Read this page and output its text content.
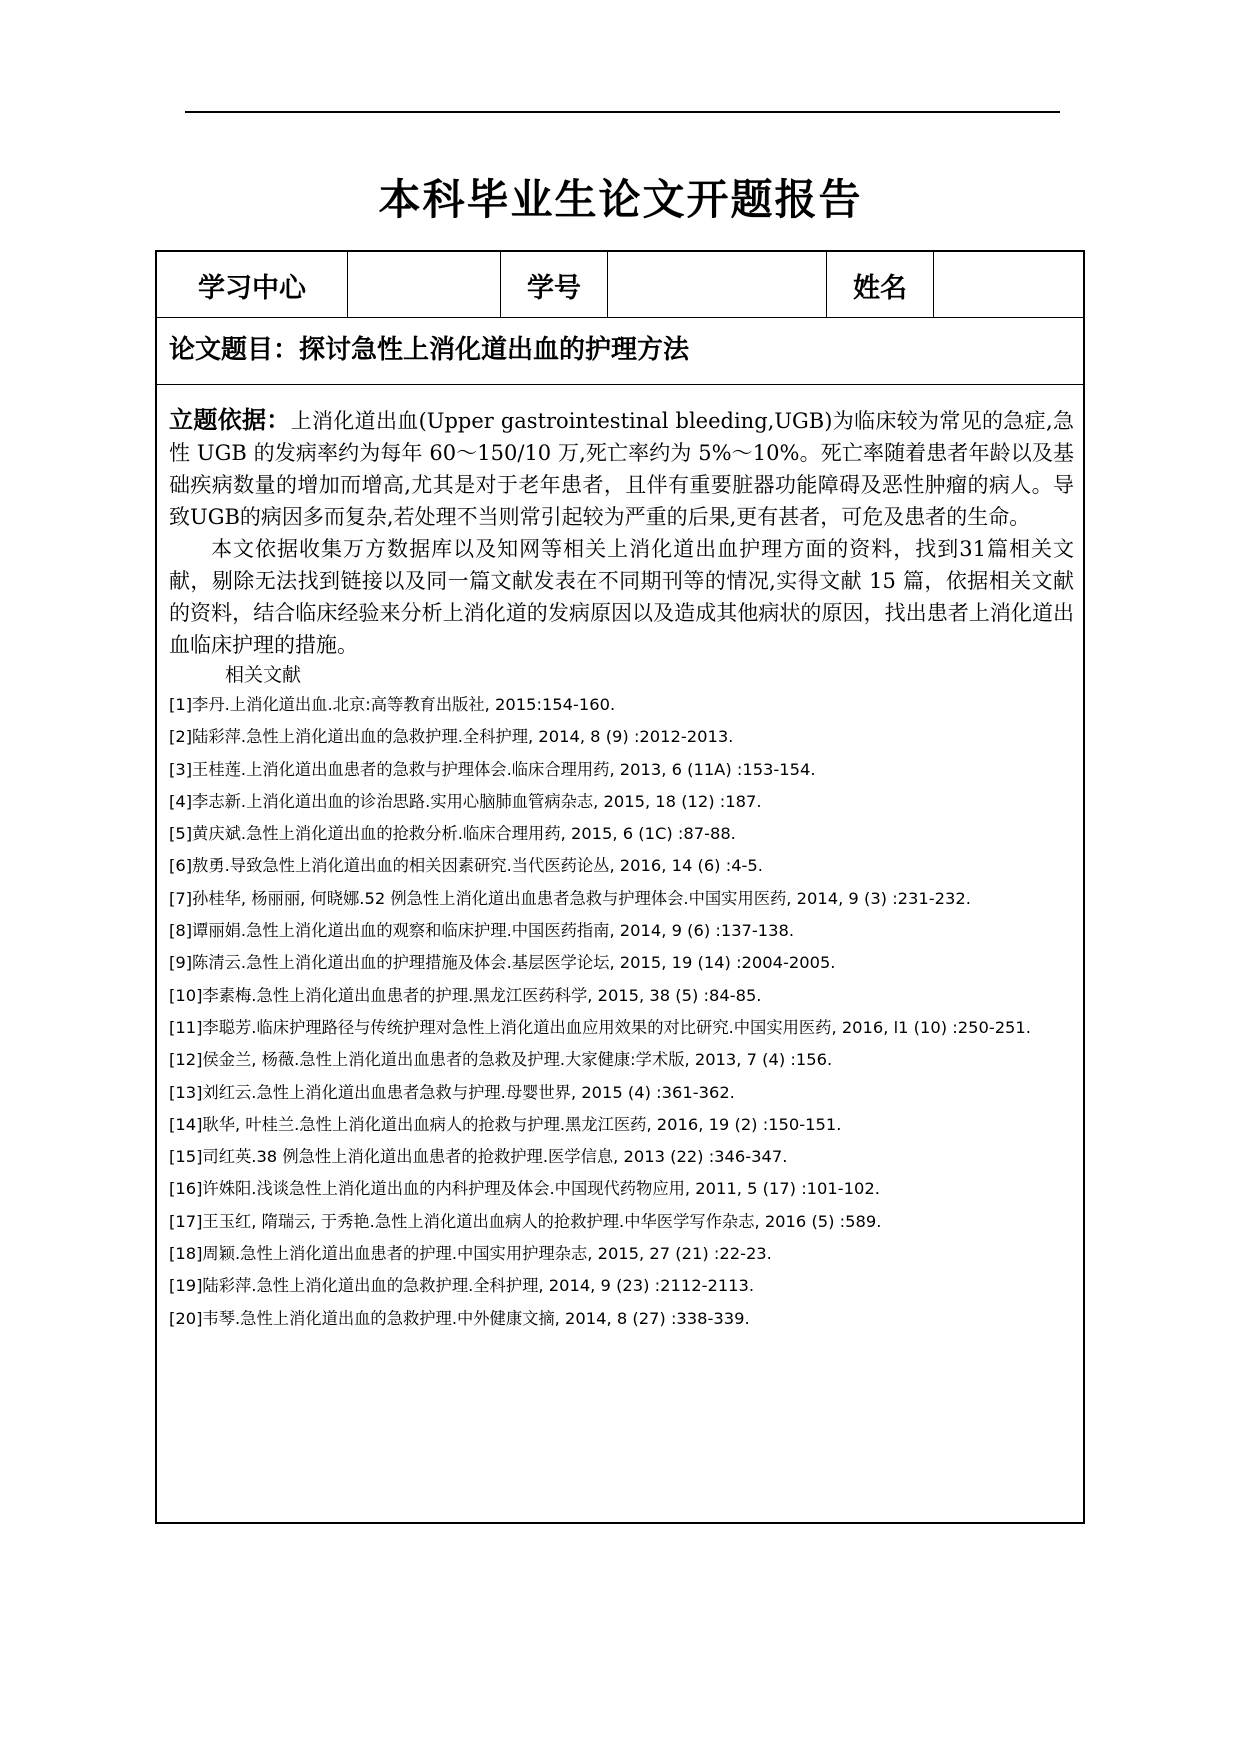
本科毕业生论文开题报告
学习中心	学号	姓名
论文题目：探讨急性上消化道出血的护理方法

立题依据：上消化道出血(Upper gastrointestinal bleeding,UGB)为临床较为常见的急症,急性 UGB 的发病率约为每年 60～150/10 万,死亡率约为 5%～10%。死亡率随着患者年龄以及基础疾病数量的增加而增高,尤其是对于老年患者，且伴有重要脏器功能障碍及恶性肿瘤的病人。导致UGB的病因多而复杂,若处理不当则常引起较为严重的后果,更有甚者，可危及患者的生命。

本文依据收集万方数据库以及知网等相关上消化道出血护理方面的资料，找到31篇相关文献，剔除无法找到链接以及同一篇文献发表在不同期刊等的情况,实得文献 15 篇，依据相关文献的资料，结合临床经验来分析上消化道的发病原因以及造成其他病状的原因，找出患者上消化道出血临床护理的措施。

相关文献

[1]李丹.上消化道出血.北京:高等教育出版社, 2015:154-160.
[2]陆彩萍.急性上消化道出血的急救护理.全科护理, 2014, 8 (9) :2012-2013.
[3]王桂莲.上消化道出血患者的急救与护理体会.临床合理用药, 2013, 6 (11A) :153-154.
[4]李志新.上消化道出血的诊治思路.实用心脑肺血管病杂志, 2015, 18 (12) :187.
[5]黄庆斌.急性上消化道出血的抢救分析.临床合理用药, 2015, 6 (1C) :87-88.
[6]敖勇.导致急性上消化道出血的相关因素研究.当代医药论丛, 2016, 14 (6) :4-5.
[7]孙桂华, 杨丽丽, 何晓娜.52 例急性上消化道出血患者急救与护理体会.中国实用医药, 2014, 9 (3) :231-232.
[8]谭丽娟.急性上消化道出血的观察和临床护理.中国医药指南, 2014, 9 (6) :137-138.
[9]陈清云.急性上消化道出血的护理措施及体会.基层医学论坛, 2015, 19 (14) :2004-2005.
[10]李素梅.急性上消化道出血患者的护理.黑龙江医药科学, 2015, 38 (5) :84-85.
[11]李聪芳.临床护理路径与传统护理对急性上消化道出血应用效果的对比研究.中国实用医药, 2016, l1 (10) :250-251.
[12]侯金兰, 杨薇.急性上消化道出血患者的急救及护理.大家健康:学术版, 2013, 7 (4) :156.
[13]刘红云.急性上消化道出血患者急救与护理.母婴世界, 2015 (4) :361-362.
[14]耿华, 叶桂兰.急性上消化道出血病人的抢救与护理.黑龙江医药, 2016, 19 (2) :150-151.
[15]司红英.38 例急性上消化道出血患者的抢救护理.医学信息, 2013 (22) :346-347.
[16]许姝阳.浅谈急性上消化道出血的内科护理及体会.中国现代药物应用, 2011, 5 (17) :101-102.
[17]王玉红, 隋瑞云, 于秀艳.急性上消化道出血病人的抢救护理.中华医学写作杂志, 2016 (5) :589.
[18]周颖.急性上消化道出血患者的护理.中国实用护理杂志, 2015, 27 (21) :22-23.
[19]陆彩萍.急性上消化道出血的急救护理.全科护理, 2014, 9 (23) :2112-2113.
[20]韦琴.急性上消化道出血的急救护理.中外健康文摘, 2014, 8 (27) :338-339.
